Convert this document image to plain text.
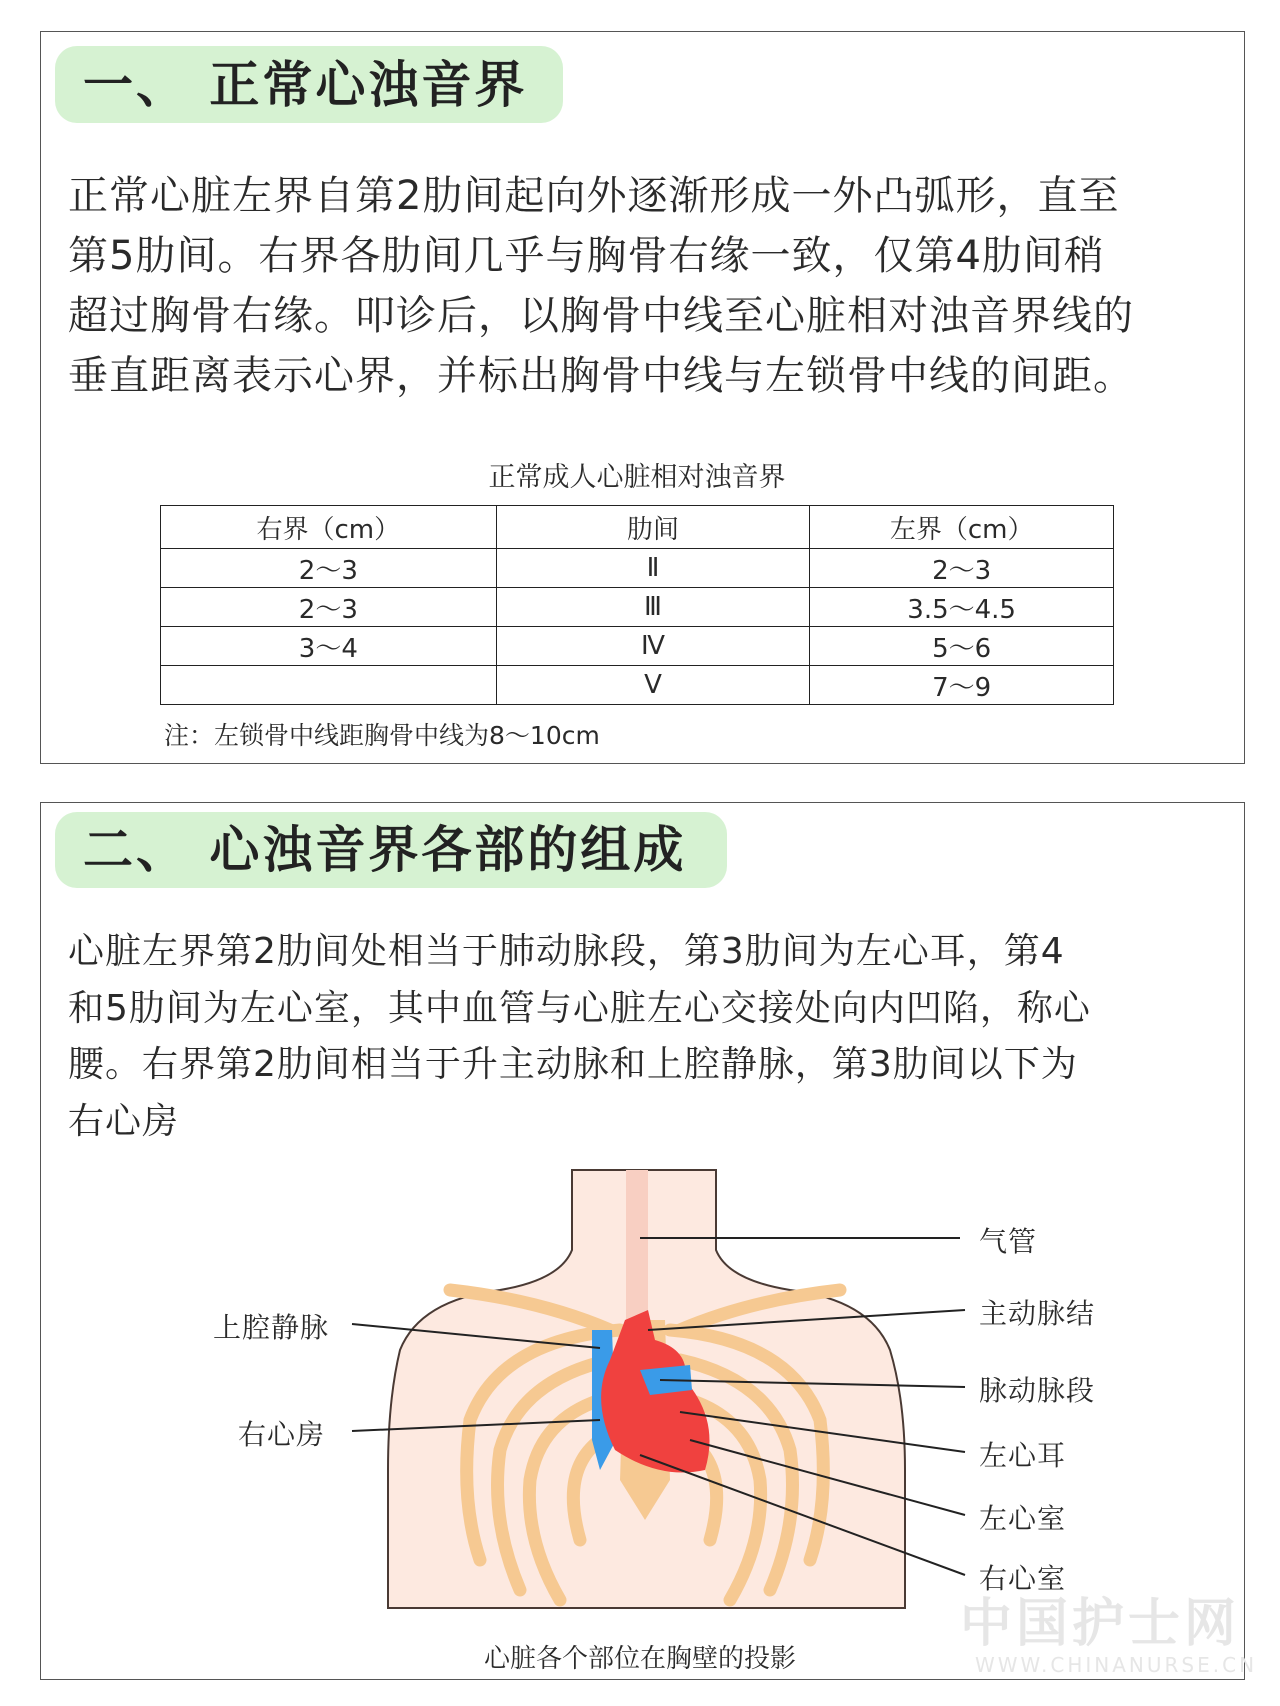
一、 正常心浊音界
正常心脏左界自第2肋间起向外逐渐形成一外凸弧形，直至
第5肋间。右界各肋间几乎与胸骨右缘一致，仅第4肋间稍
超过胸骨右缘。叩诊后，以胸骨中线至心脏相对浊音界线的
垂直距离表示心界，并标出胸骨中线与左锁骨中线的间距。
正常成人心脏相对浊音界
右界（cm）	肋间	左界（cm）
2～3	Ⅱ	2～3
2～3	Ⅲ	3.5～4.5
3～4	Ⅳ	5～6
	Ⅴ	7～9
注：左锁骨中线距胸骨中线为8～10cm
二、 心浊音界各部的组成
心脏左界第2肋间处相当于肺动脉段，第3肋间为左心耳，第4
和5肋间为左心室，其中血管与心脏左心交接处向内凹陷，称心
腰。右界第2肋间相当于升主动脉和上腔静脉，第3肋间以下为
右心房
气管
主动脉结
脉动脉段
左心耳
左心室
右心室
上腔静脉
右心房
心脏各个部位在胸壁的投影
中国护士网
WWW.CHINANURSE.CN
